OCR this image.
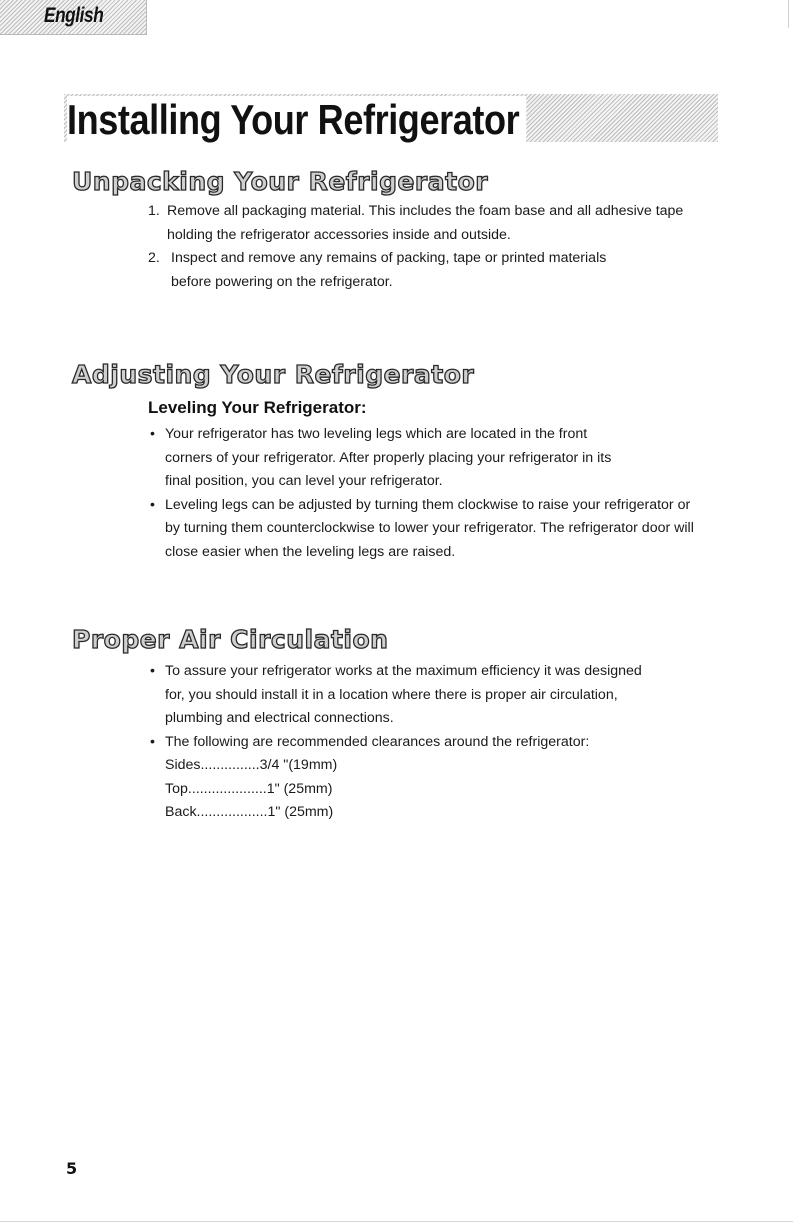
English
Installing Your Refrigerator
Unpacking Your Refrigerator
1. Remove all packaging material. This includes the foam base and all adhesive tape holding the refrigerator accessories inside and outside.
2. Inspect and remove any remains of packing, tape or printed materials before powering on the refrigerator.
Adjusting Your Refrigerator
Leveling Your Refrigerator:
• Your refrigerator has two leveling legs which are located in the front corners of your refrigerator. After properly placing your refrigerator in its final position, you can level your refrigerator.
• Leveling legs can be adjusted by turning them clockwise to raise your refrigerator or by turning them counterclockwise to lower your refrigerator. The refrigerator door will close easier when the leveling legs are raised.
Proper Air Circulation
• To assure your refrigerator works at the maximum efficiency it was designed for, you should install it in a location where there is proper air circulation, plumbing and electrical connections.
• The following are recommended clearances around the refrigerator:
Sides...............3/4 "(19mm)
Top....................1" (25mm)
Back..................1" (25mm)
5
